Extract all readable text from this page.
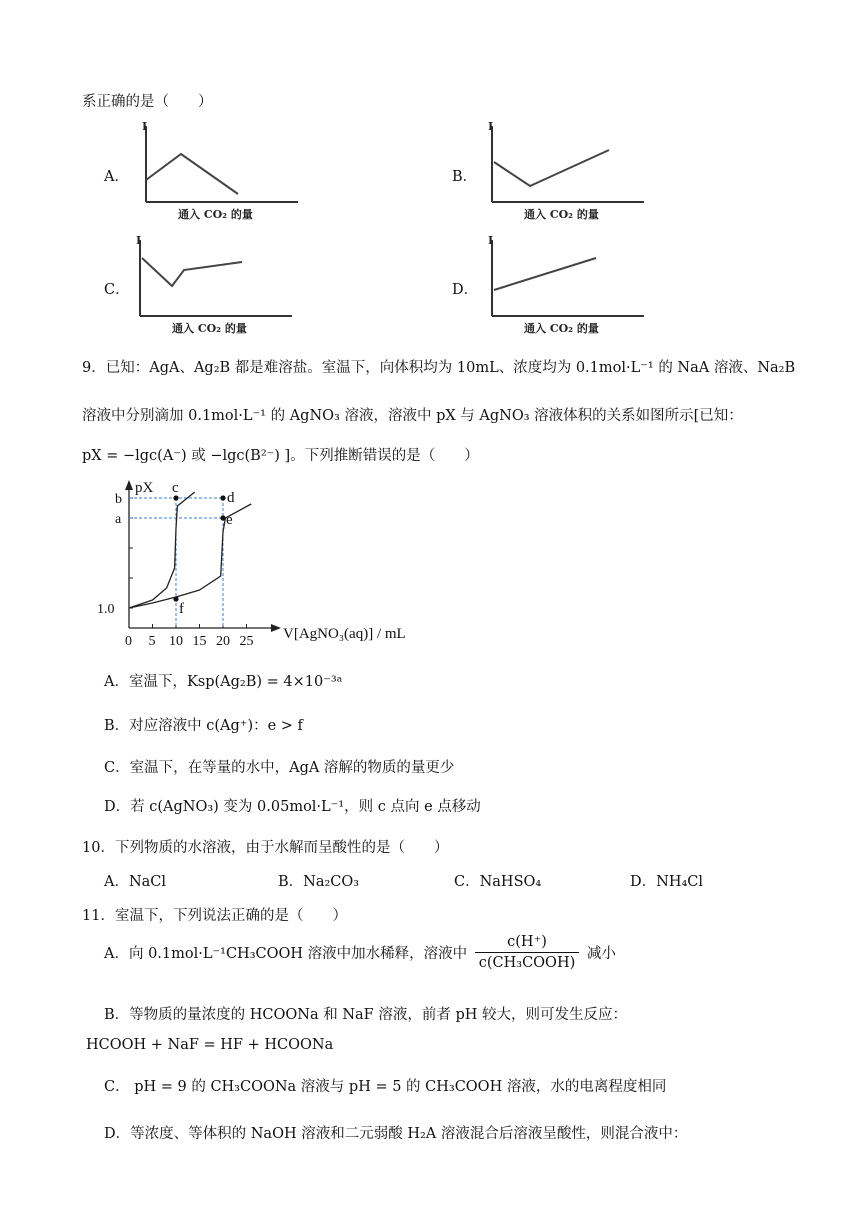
系正确的是（　　）
A．
I
通入 CO₂ 的量
B．
I
通入 CO₂ 的量
C．
I
通入 CO₂ 的量
D．
I
通入 CO₂ 的量
9．已知：AgA、Ag₂B 都是难溶盐。室温下，向体积均为 10mL、浓度均为 0.1mol·L⁻¹ 的 NaA 溶液、Na₂B
溶液中分别滴加 0.1mol·L⁻¹ 的 AgNO₃ 溶液，溶液中 pX 与 AgNO₃ 溶液体积的关系如图所示[已知：
pX = −lgc(A⁻) 或 −lgc(B²⁻) ]。下列推断错误的是（　　）
pX
V[AgNO₃(aq)] / mL
0 5 10 15 20 25
1.0
a
b
c
d
e
f
A．室温下，Ksp(Ag₂B) = 4×10⁻³ᵃ
B．对应溶液中 c(Ag⁺)：e > f
C．室温下，在等量的水中，AgA 溶解的物质的量更少
D．若 c(AgNO₃) 变为 0.05mol·L⁻¹，则 c 点向 e 点移动
10．下列物质的水溶液，由于水解而呈酸性的是（　　）
A．NaCl	B．Na₂CO₃	C．NaHSO₄	D．NH₄Cl
11．室温下，下列说法正确的是（　　）
A．向 0.1mol·L⁻¹CH₃COOH 溶液中加水稀释，溶液中 $\frac{c(H^+)}{\text{c(CH₃COOH)}}$ 减小
B．等物质的量浓度的 HCOONa 和 NaF 溶液，前者 pH 较大，则可发生反应：
HCOOH + NaF = HF + HCOONa
C． pH = 9 的 CH₃COONa 溶液与 pH = 5 的 CH₃COOH 溶液，水的电离程度相同
D．等浓度、等体积的 NaOH 溶液和二元弱酸 H₂A 溶液混合后溶液呈酸性，则混合液中：
